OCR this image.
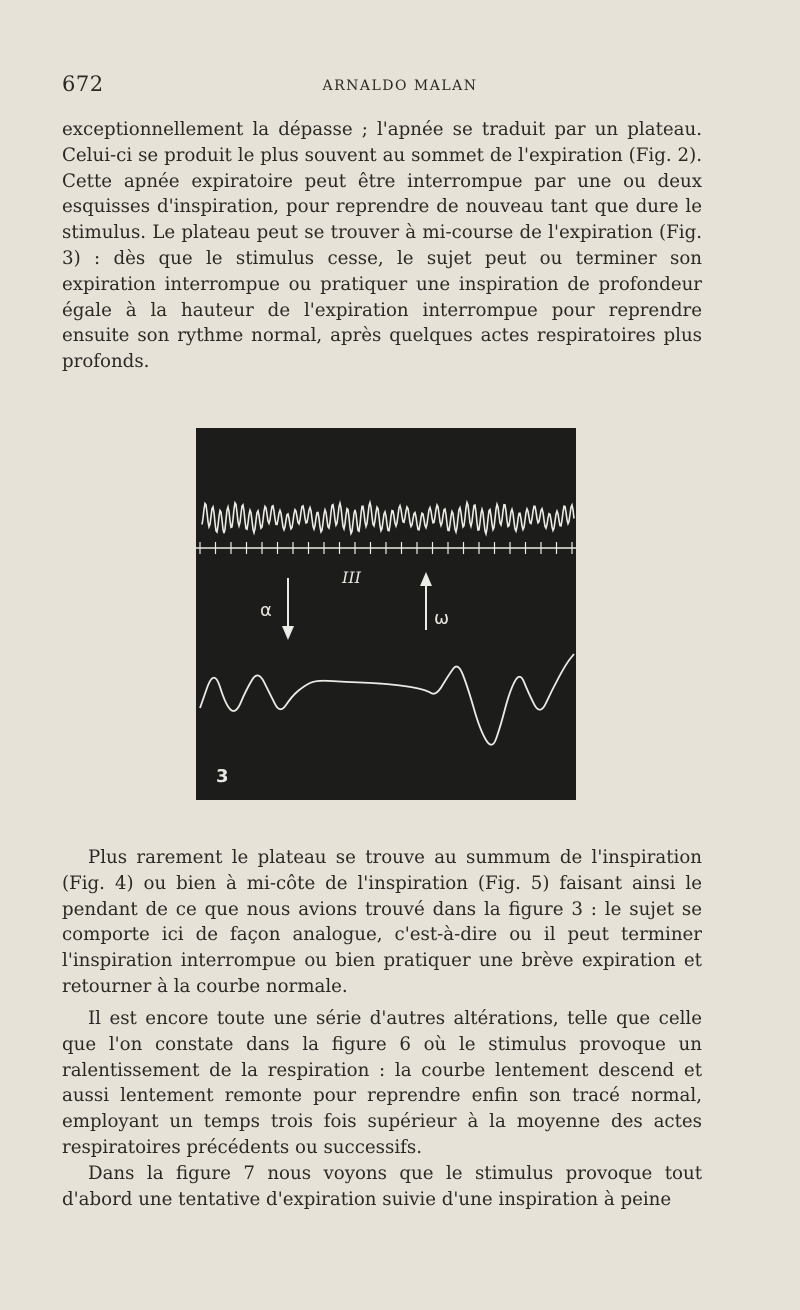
672	ARNALDO MALAN

exceptionnellement la dépasse ; l'apnée se traduit par un plateau. Celui-ci se produit le plus souvent au sommet de l'expiration (Fig. 2). Cette apnée expiratoire peut être interrompue par une ou deux esquisses d'inspiration, pour reprendre de nouveau tant que dure le stimulus. Le plateau peut se trouver à mi-course de l'expiration (Fig. 3) : dès que le stimulus cesse, le sujet peut ou terminer son expiration interrompue ou pratiquer une inspiration de profondeur égale à la hauteur de l'expiration interrompue pour reprendre ensuite son rythme normal, après quelques actes respiratoires plus profonds.

III
α	ω
3

Plus rarement le plateau se trouve au summum de l'inspiration (Fig. 4) ou bien à mi-côte de l'inspiration (Fig. 5) faisant ainsi le pendant de ce que nous avions trouvé dans la figure 3 : le sujet se comporte ici de façon analogue, c'est-à-dire ou il peut terminer l'inspiration interrompue ou bien pratiquer une brève expiration et retourner à la courbe normale.

Il est encore toute une série d'autres altérations, telle que celle que l'on constate dans la figure 6 où le stimulus provoque un ralentissement de la respiration : la courbe lentement descend et aussi lentement remonte pour reprendre enfin son tracé normal, employant un temps trois fois supérieur à la moyenne des actes respiratoires précédents ou successifs.

Dans la figure 7 nous voyons que le stimulus provoque tout d'abord une tentative d'expiration suivie d'une inspiration à peine
